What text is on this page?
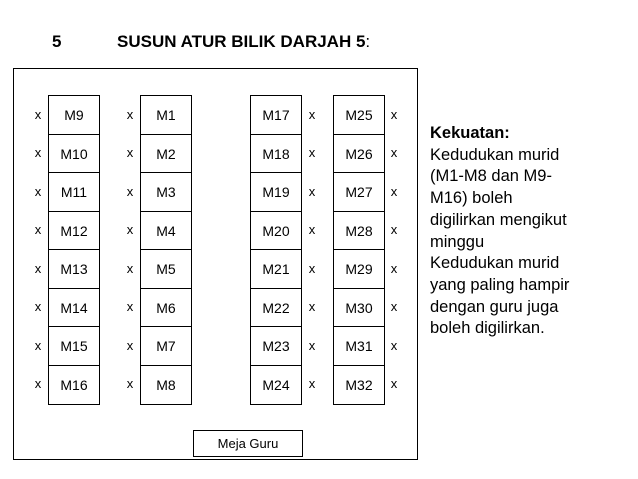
5	SUSUN ATUR BILIK DARJAH 5:
M9
M10
M11
M12
M13
M14
M15
M16
M1
M2
M3
M4
M5
M6
M7
M8
M17
M18
M19
M20
M21
M22
M23
M24
M25
M26
M27
M28
M29
M30
M31
M32
x
x
x
x
x
x
x
x
x
x
x
x
x
x
x
x
x
x
x
x
x
x
x
x
x
x
x
x
x
x
x
x
Meja Guru
Kekuatan:
Kedudukan murid
(M1-M8 dan M9-
M16) boleh
digilirkan mengikut
minggu
Kedudukan murid
yang paling hampir
dengan guru juga
boleh digilirkan.
